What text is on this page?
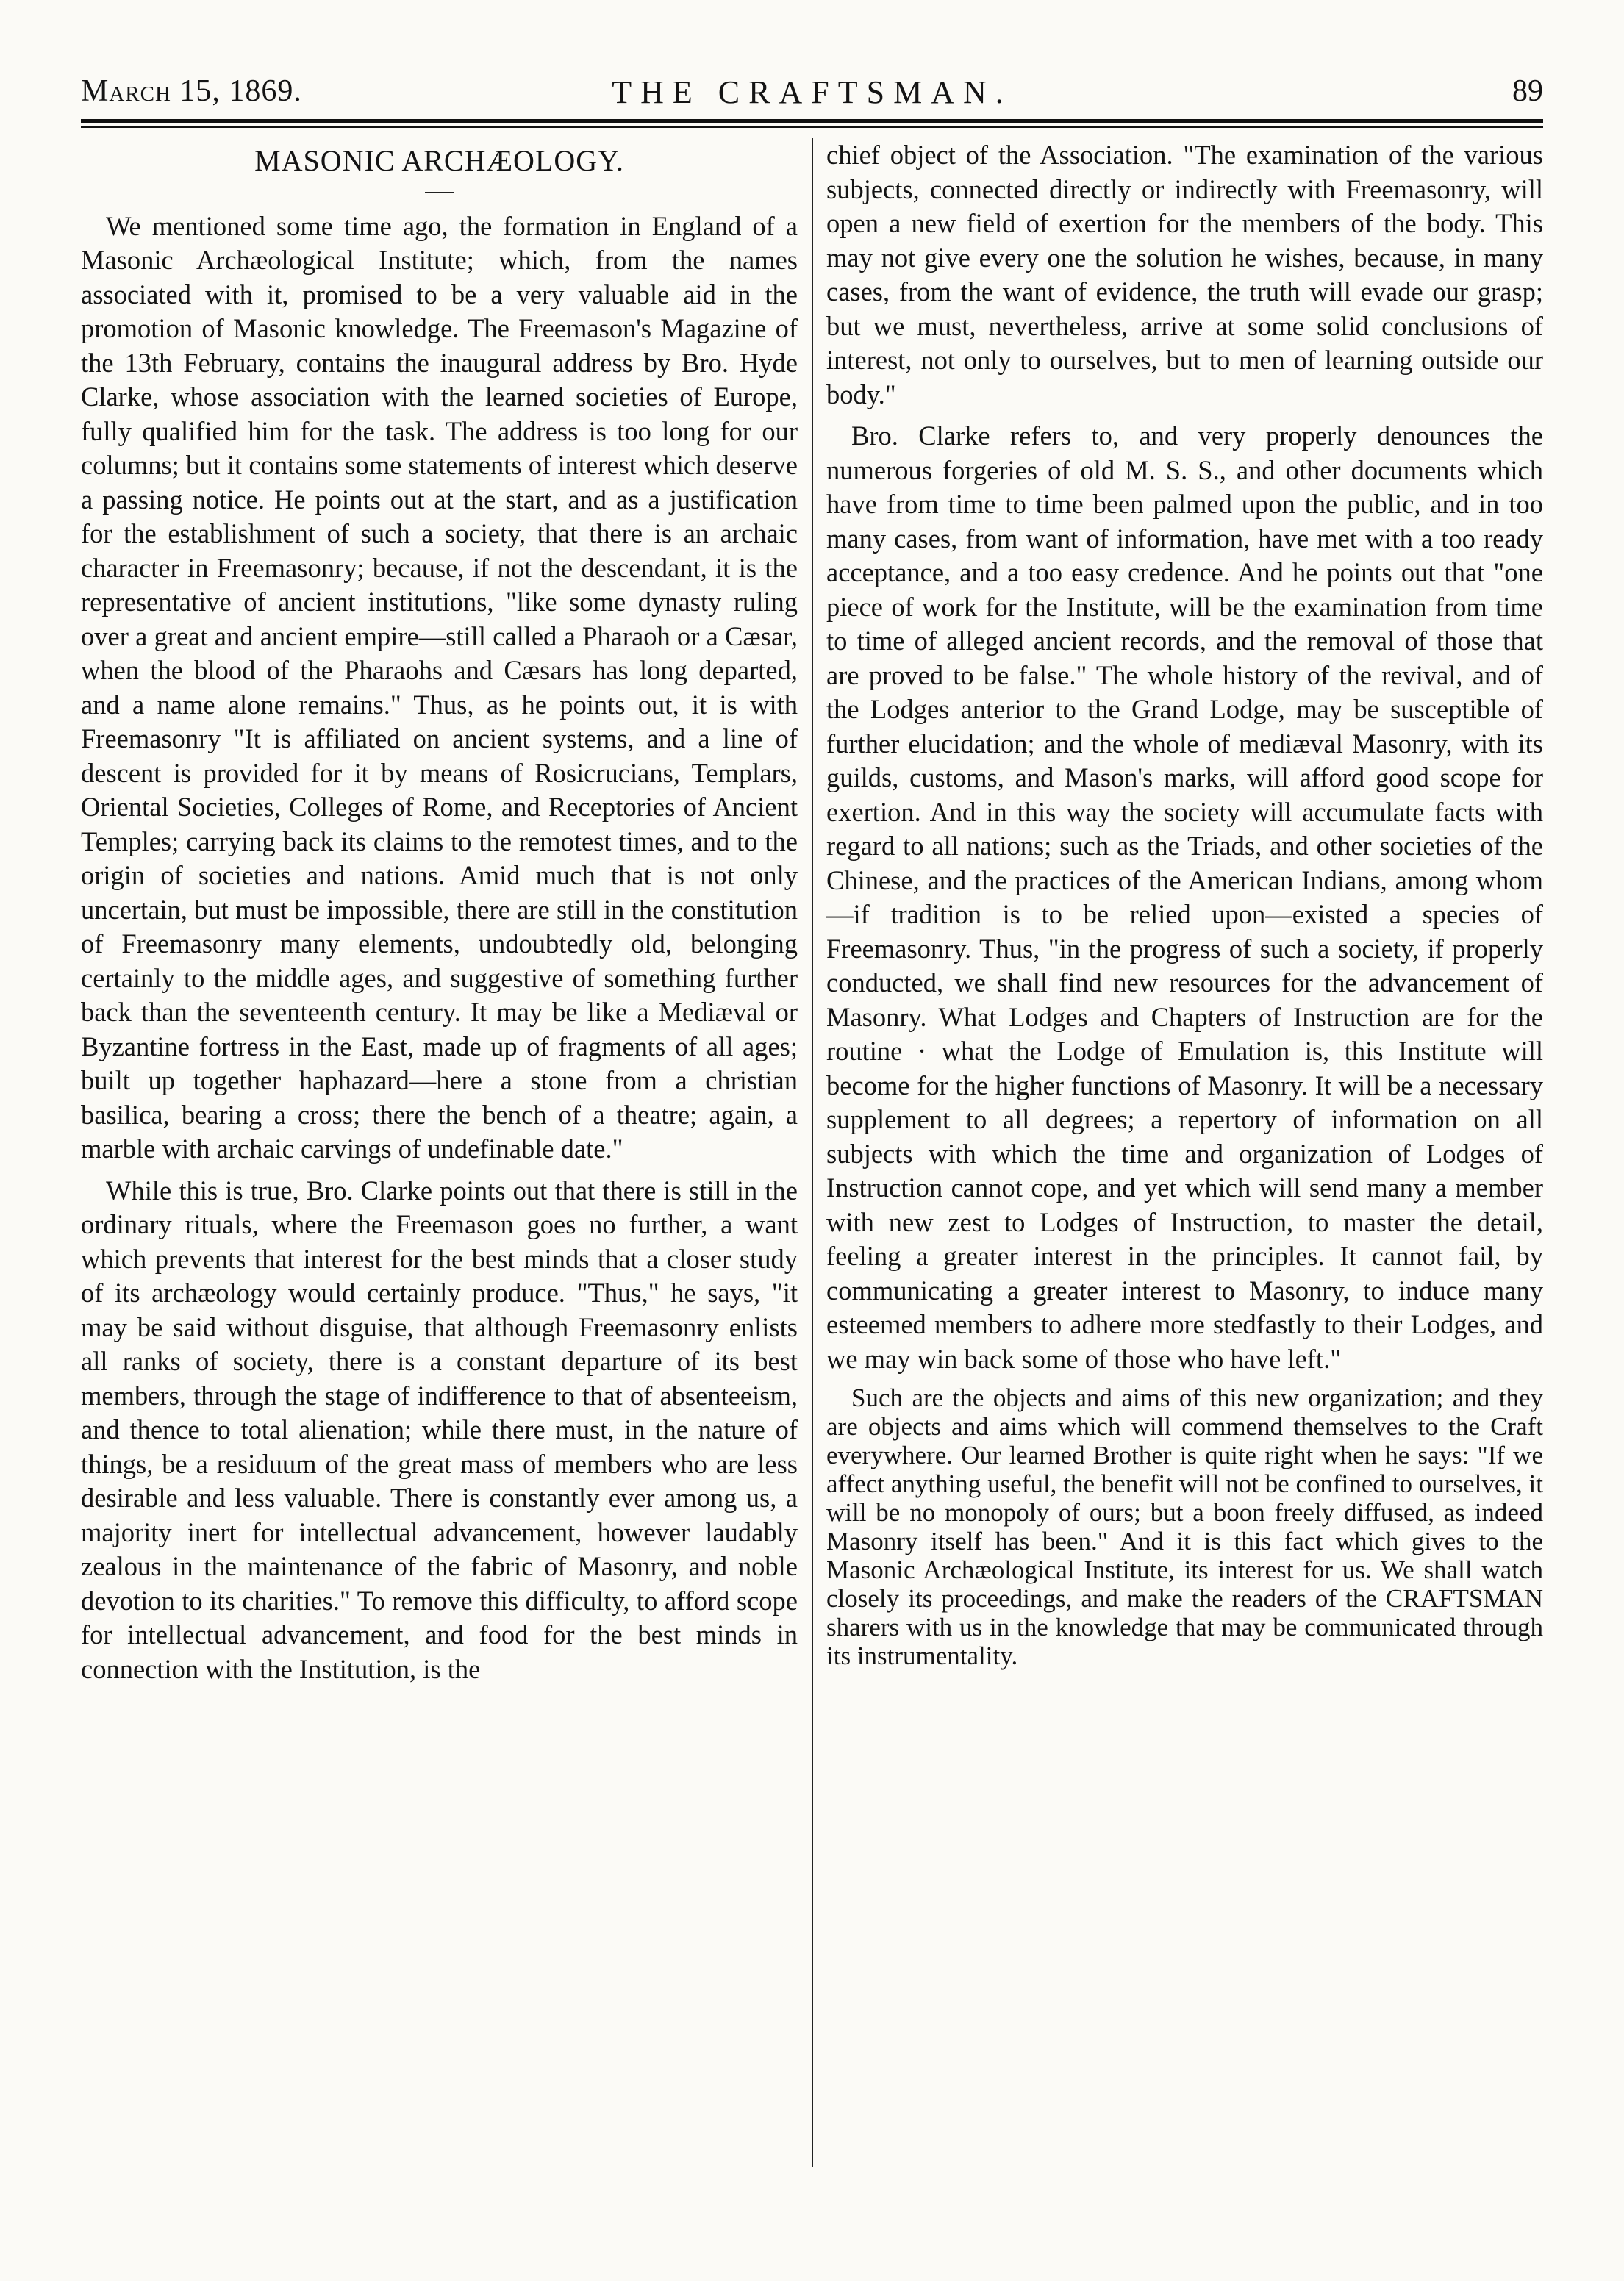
March 15, 1869.	THE CRAFTSMAN.	89
MASONIC ARCHÆOLOGY.

We mentioned some time ago, the formation in England of a Masonic Archæological Institute; which, from the names associated with it, promised to be a very valuable aid in the promotion of Masonic knowledge. The Freemason's Magazine of the 13th February, contains the inaugural address by Bro. Hyde Clarke, whose association with the learned societies of Europe, fully qualified him for the task. The address is too long for our columns; but it contains some statements of interest which deserve a passing notice. He points out at the start, and as a justification for the establishment of such a society, that there is an archaic character in Freemasonry; because, if not the descendant, it is the representative of ancient institutions, "like some dynasty ruling over a great and ancient empire—still called a Pharaoh or a Cæsar, when the blood of the Pharaohs and Cæsars has long departed, and a name alone remains." Thus, as he points out, it is with Freemasonry "It is affiliated on ancient systems, and a line of descent is provided for it by means of Rosicrucians, Templars, Oriental Societies, Colleges of Rome, and Receptories of Ancient Temples; carrying back its claims to the remotest times, and to the origin of societies and nations. Amid much that is not only uncertain, but must be impossible, there are still in the constitution of Freemasonry many elements, undoubtedly old, belonging certainly to the middle ages, and suggestive of something further back than the seventeenth century. It may be like a Mediæval or Byzantine fortress in the East, made up of fragments of all ages; built up together haphazard—here a stone from a christian basilica, bearing a cross; there the bench of a theatre; again, a marble with archaic carvings of undefinable date."

While this is true, Bro. Clarke points out that there is still in the ordinary rituals, where the Freemason goes no further, a want which prevents that interest for the best minds that a closer study of its archæology would certainly produce. "Thus," he says, "it may be said without disguise, that although Freemasonry enlists all ranks of society, there is a constant departure of its best members, through the stage of indifference to that of absenteeism, and thence to total alienation; while there must, in the nature of things, be a residuum of the great mass of members who are less desirable and less valuable. There is constantly ever among us, a majority inert for intellectual advancement, however laudably zealous in the maintenance of the fabric of Masonry, and noble devotion to its charities." To remove this difficulty, to afford scope for intellectual advancement, and food for the best minds in connection with the Institution, is the

chief object of the Association. "The examination of the various subjects, connected directly or indirectly with Freemasonry, will open a new field of exertion for the members of the body. This may not give every one the solution he wishes, because, in many cases, from the want of evidence, the truth will evade our grasp; but we must, nevertheless, arrive at some solid conclusions of interest, not only to ourselves, but to men of learning outside our body."

Bro. Clarke refers to, and very properly denounces the numerous forgeries of old M. S. S., and other documents which have from time to time been palmed upon the public, and in too many cases, from want of information, have met with a too ready acceptance, and a too easy credence. And he points out that "one piece of work for the Institute, will be the examination from time to time of alleged ancient records, and the removal of those that are proved to be false." The whole history of the revival, and of the Lodges anterior to the Grand Lodge, may be susceptible of further elucidation; and the whole of mediæval Masonry, with its guilds, customs, and Mason's marks, will afford good scope for exertion. And in this way the society will accumulate facts with regard to all nations; such as the Triads, and other societies of the Chinese, and the practices of the American Indians, among whom—if tradition is to be relied upon—existed a species of Freemasonry. Thus, "in the progress of such a society, if properly conducted, we shall find new resources for the advancement of Masonry. What Lodges and Chapters of Instruction are for the routine · what the Lodge of Emulation is, this Institute will become for the higher functions of Masonry. It will be a necessary supplement to all degrees; a repertory of information on all subjects with which the time and organization of Lodges of Instruction cannot cope, and yet which will send many a member with new zest to Lodges of Instruction, to master the detail, feeling a greater interest in the principles. It cannot fail, by communicating a greater interest to Masonry, to induce many esteemed members to adhere more stedfastly to their Lodges, and we may win back some of those who have left."

Such are the objects and aims of this new organization; and they are objects and aims which will commend themselves to the Craft everywhere. Our learned Brother is quite right when he says: "If we affect anything useful, the benefit will not be confined to ourselves, it will be no monopoly of ours; but a boon freely diffused, as indeed Masonry itself has been." And it is this fact which gives to the Masonic Archæological Institute, its interest for us. We shall watch closely its proceedings, and make the readers of the CRAFTSMAN sharers with us in the knowledge that may be communicated through its instrumentality.
